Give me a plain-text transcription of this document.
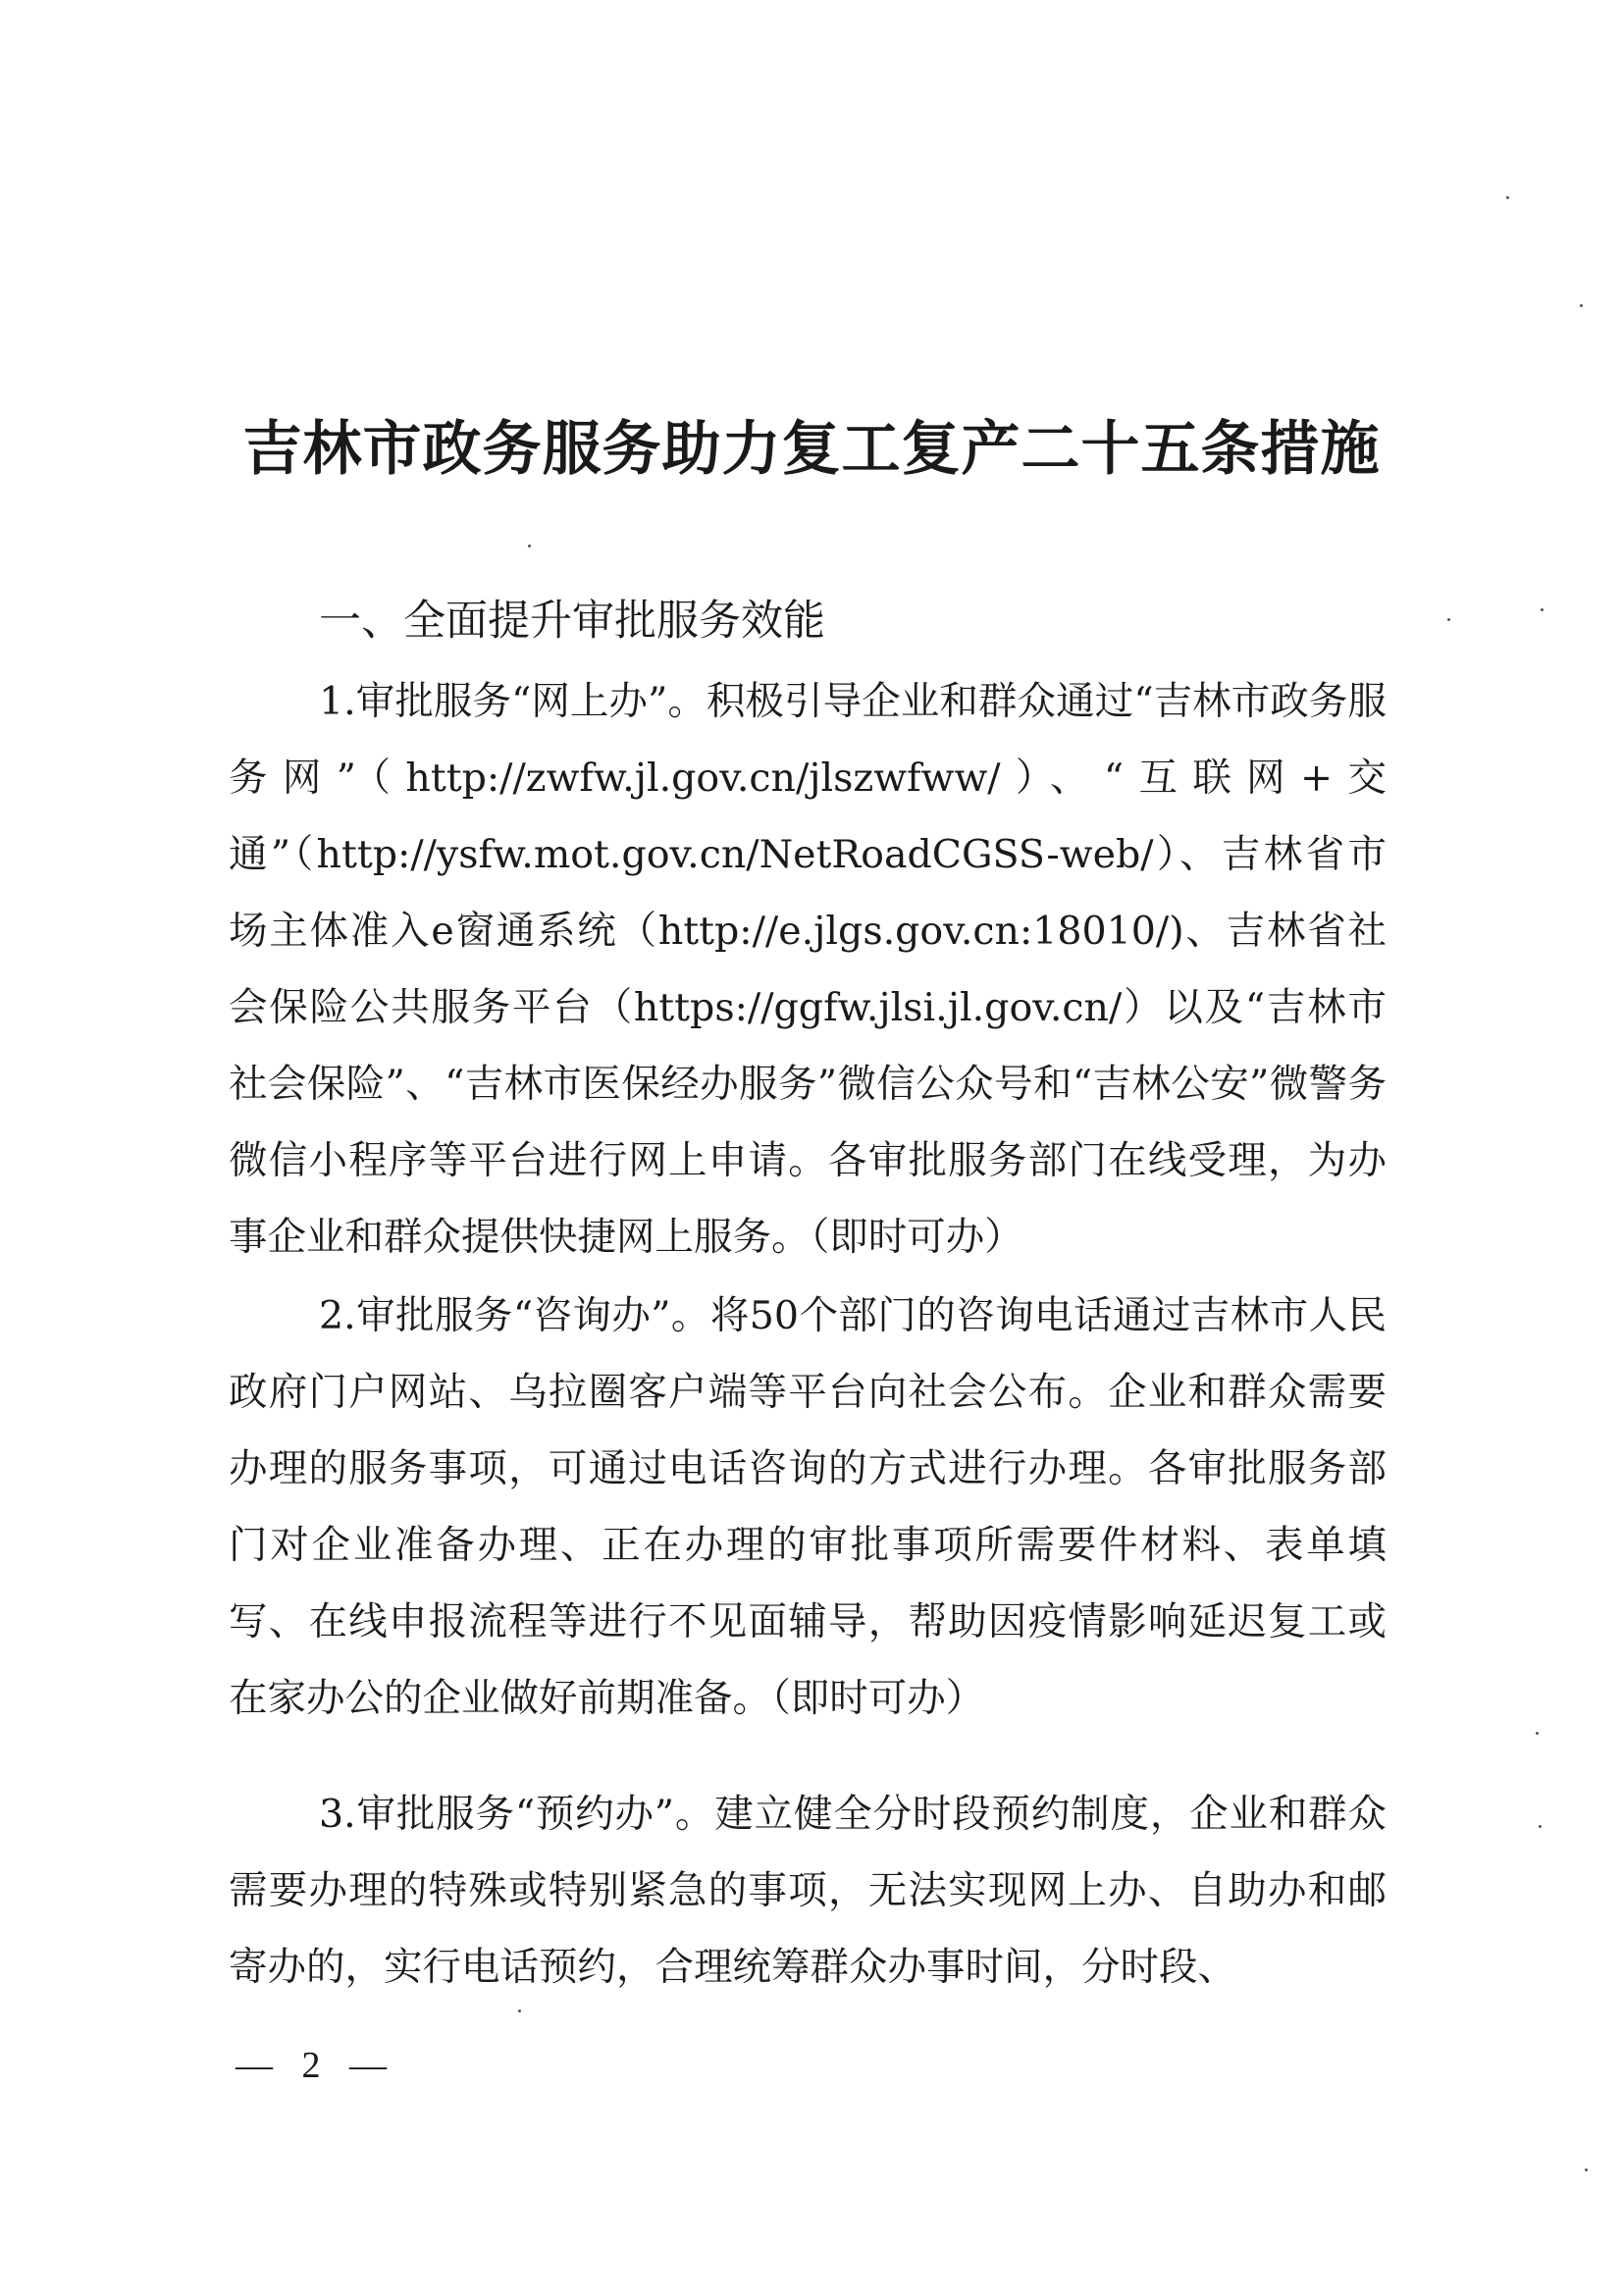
吉林市政务服务助力复工复产二十五条措施
一、全面提升审批服务效能

1.审批服务“网上办”。积极引导企业和群众通过“吉林市政务服务网”（http://zwfw.jl.gov.cn/jlszwfww/）、“互联网+交通”（http://ysfw.mot.gov.cn/NetRoadCGSS-web/）、吉林省市场主体准入e窗通系统（http://e.jlgs.gov.cn:18010/)、吉林省社会保险公共服务平台（https://ggfw.jlsi.jl.gov.cn/）以及“吉林市社会保险”、“吉林市医保经办服务”微信公众号和“吉林公安”微警务微信小程序等平台进行网上申请。各审批服务部门在线受理，为办事企业和群众提供快捷网上服务。（即时可办）

2.审批服务“咨询办”。将50个部门的咨询电话通过吉林市人民政府门户网站、乌拉圈客户端等平台向社会公布。企业和群众需要办理的服务事项，可通过电话咨询的方式进行办理。各审批服务部门对企业准备办理、正在办理的审批事项所需要件材料、表单填写、在线申报流程等进行不见面辅导，帮助因疫情影响延迟复工或在家办公的企业做好前期准备。（即时可办）

3.审批服务“预约办”。建立健全分时段预约制度，企业和群众需要办理的特殊或特别紧急的事项，无法实现网上办、自助办和邮寄办的，实行电话预约，合理统筹群众办事时间，分时段、

— 2 —
